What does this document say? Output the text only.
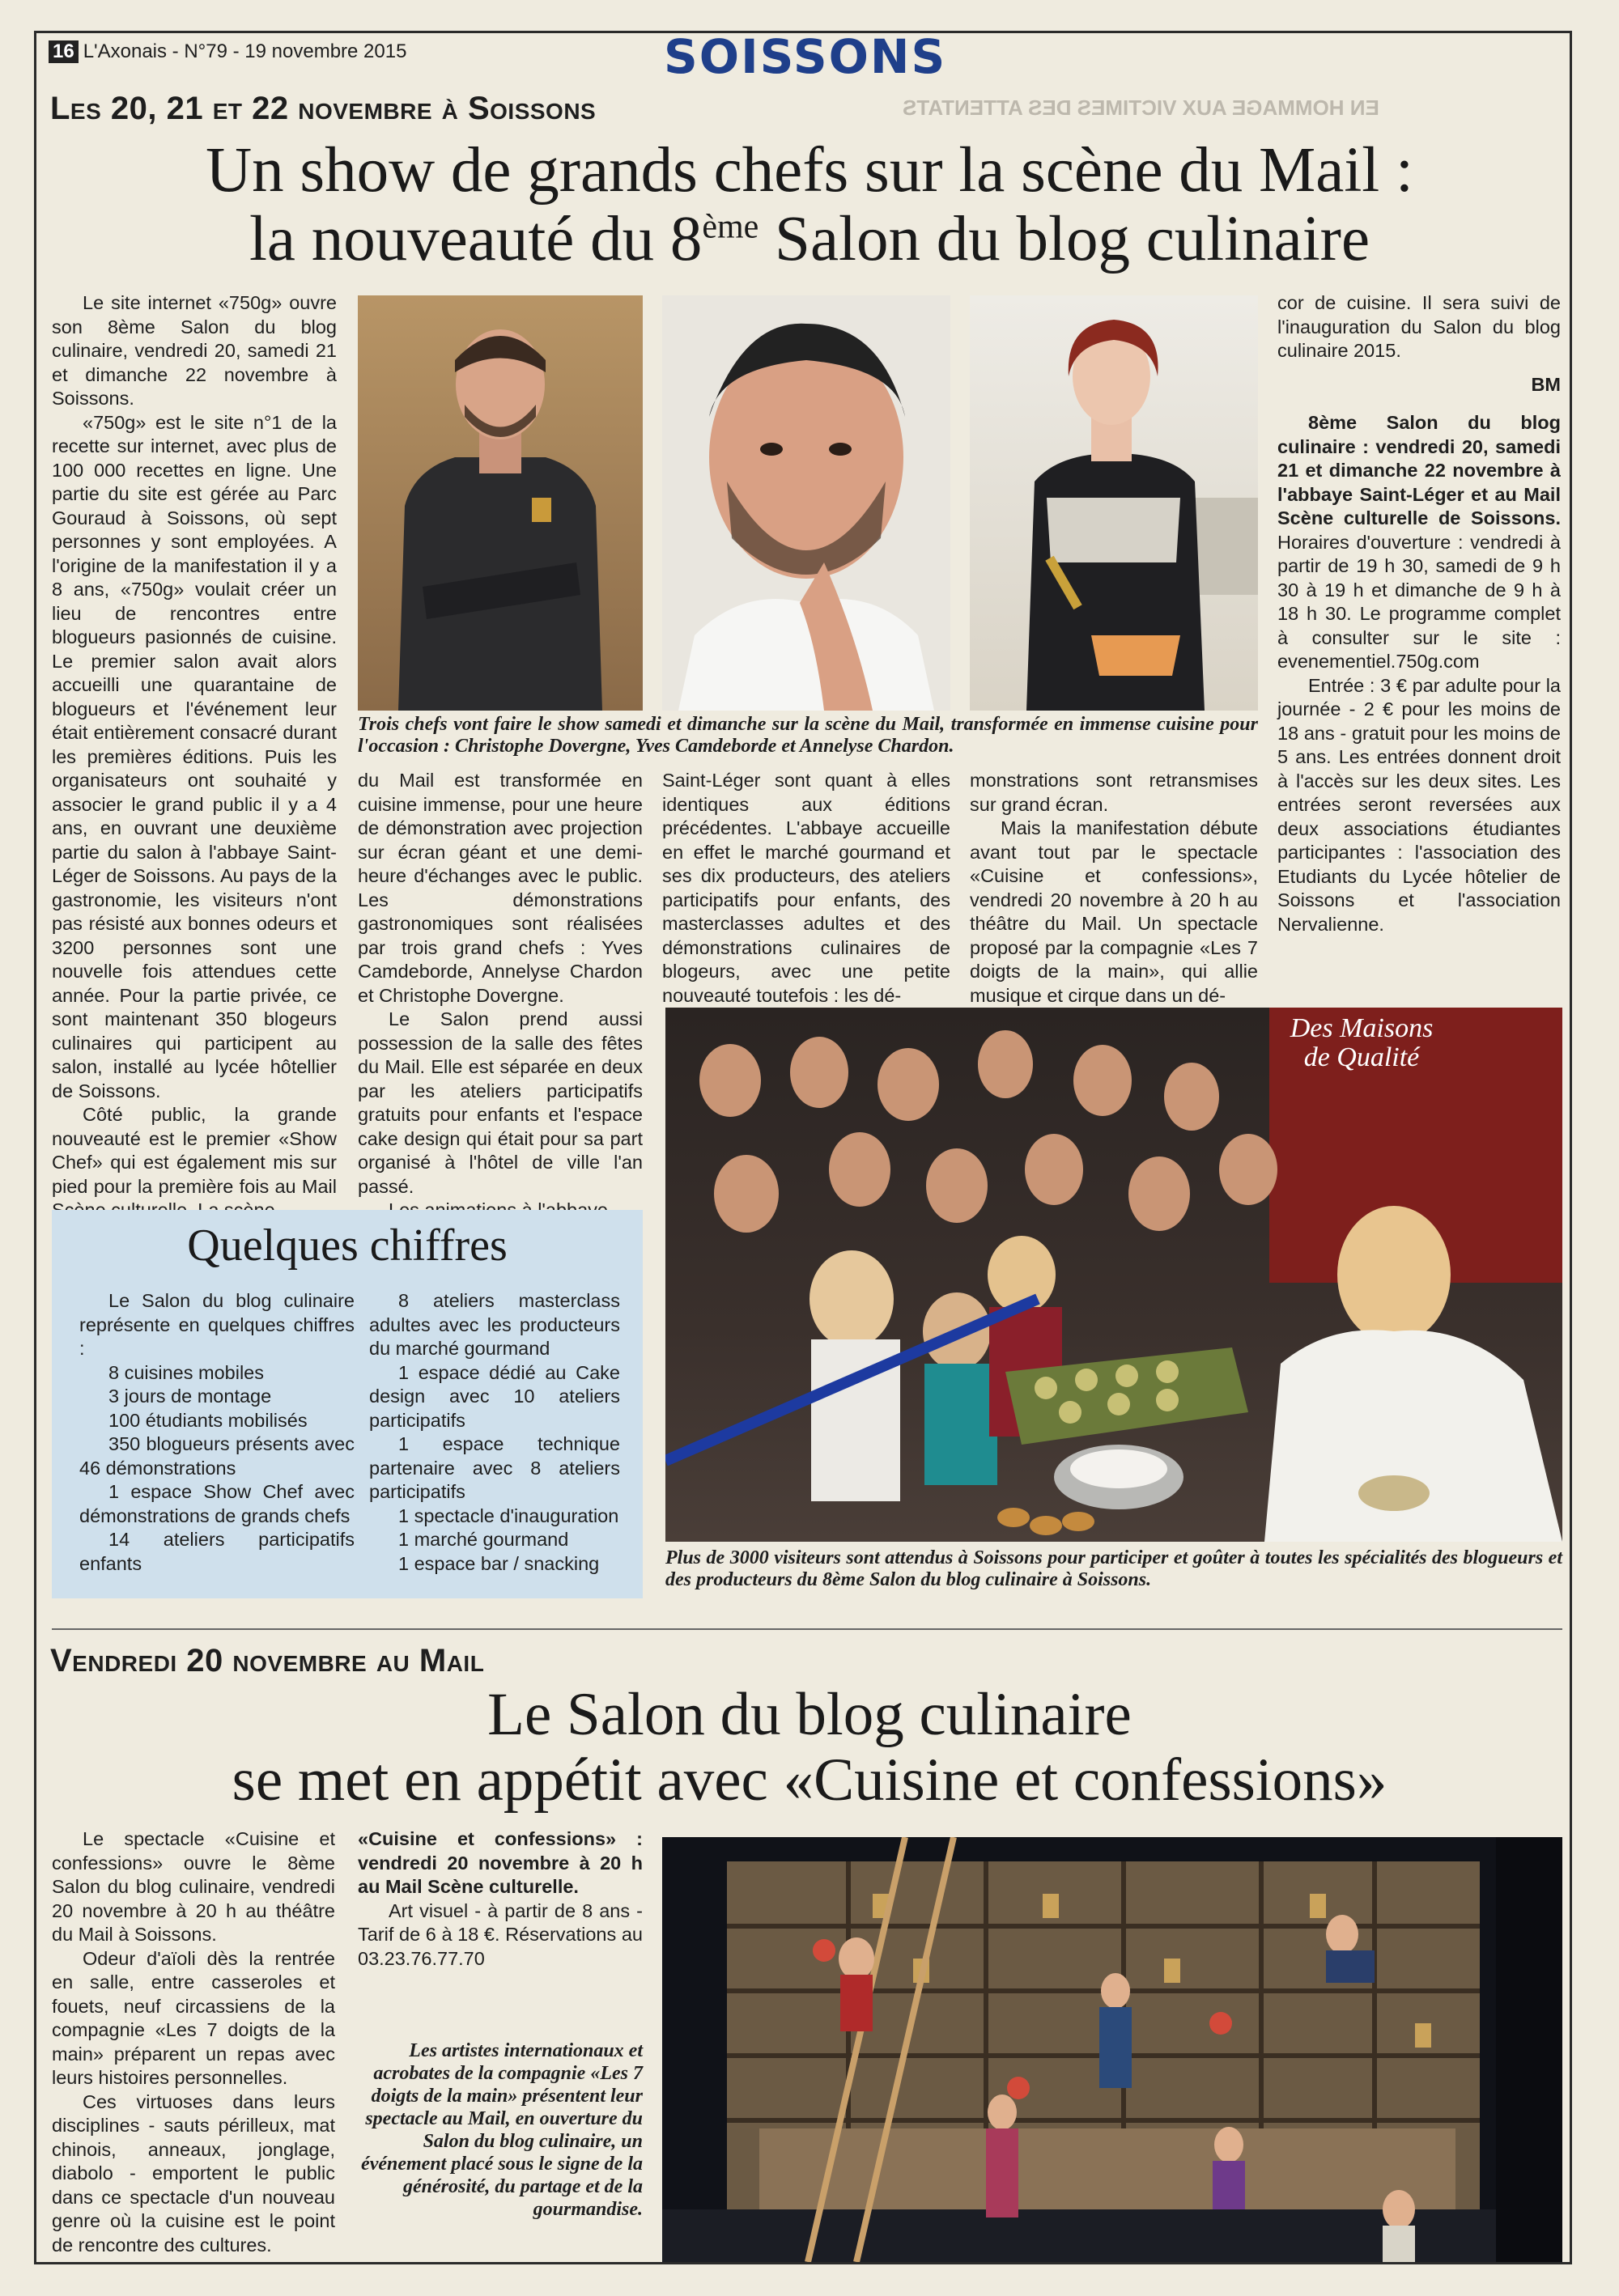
16 L'Axonais - N°79 - 19 novembre 2015	SOISSONS
EN HOMMAGE AUX VICTIMES DES ATTENTATS
Les 20, 21 et 22 novembre à Soissons
Un show de grands chefs sur la scène du Mail :
la nouveauté du 8ème Salon du blog culinaire

Le site internet «750g» ouvre son 8ème Salon du blog culinaire, vendredi 20, samedi 21 et dimanche 22 novembre à Soissons.

«750g» est le site n°1 de la recette sur internet, avec plus de 100 000 recettes en ligne. Une partie du site est gérée au Parc Gouraud à Soissons, où sept personnes y sont employées. A l'origine de la manifestation il y a 8 ans, «750g» voulait créer un lieu de rencontres entre blogueurs pasionnés de cuisine. Le premier salon avait alors accueilli une quarantaine de blogueurs et l'événement leur était entièrement consacré durant les premières éditions. Puis les organisateurs ont souhaité y associer le grand public il y a 4 ans, en ouvrant une deuxième partie du salon à l'abbaye Saint-Léger de Soissons. Au pays de la gastronomie, les visiteurs n'ont pas résisté aux bonnes odeurs et 3200 personnes sont une nouvelle fois attendues cette année. Pour la partie privée, ce sont maintenant 350 blogeurs culinaires qui participent au salon, installé au lycée hôtellier de Soissons.

Côté public, la grande nouveauté est le premier «Show Chef» qui est également mis sur pied pour la première fois au Mail

Trois chefs vont faire le show samedi et dimanche sur la scène du Mail, transformée en immense cuisine pour l'occasion : Christophe Dovergne, Yves Camdeborde et Annelyse Chardon.

du Mail est transformée en cuisine immense, pour une heure de démonstration avec projection sur écran géant et une demi-heure d'échanges avec le public. Les démonstrations gastronomiques sont réalisées par trois grand chefs : Yves Camdeborde, Annelyse Chardon et Christophe Dovergne.

Le Salon prend aussi possession de la salle des fêtes du Mail. Elle est séparée en deux par les ateliers participatifs gratuits pour enfants et l'espace cake design qui était pour sa part organisé à l'hôtel de ville l'an passé.

Saint-Léger sont quant à elles identiques aux éditions précédentes. L'abbaye accueille en effet le marché gourmand et ses dix producteurs, des ateliers participatifs pour enfants, des masterclasses adultes et des démonstrations culinaires de blogeurs, avec une petite nouveauté toutefois : les dé-

monstrations sont retransmises sur grand écran.

Mais la manifestation débute avant tout par le spectacle «Cuisine et confessions», vendredi 20 novembre à 20 h au théâtre du Mail. Un spectacle proposé par la compagnie «Les 7 doigts de la main», qui allie musique et cirque dans un dé-

cor de cuisine. Il sera suivi de l'inauguration du Salon du blog culinaire 2015.

BM

8ème Salon du blog culinaire : vendredi 20, samedi 21 et dimanche 22 novembre à l'abbaye Saint-Léger et au Mail Scène culturelle de Soissons. Horaires d'ouverture : vendredi à partir de 19 h 30, samedi de 9 h 30 à 19 h et dimanche de 9 h à 18 h 30. Le programme complet à consulter sur le site : evenementiel.750g.com

Entrée : 3 € par adulte pour la journée - 2 € pour les moins de 18 ans - gratuit pour les moins de 5 ans. Les entrées donnent droit à l'accès sur les deux sites. Les entrées seront reversées aux deux associations étudiantes participantes : l'association des Etudiants du Lycée hôtelier de Soissons et l'association Nervalienne.

Quelques chiffres
Le Salon du blog culinaire représente en quelques chiffres :
8 cuisines mobiles
3 jours de montage
100 étudiants mobilisés
350 blogueurs présents avec 46 démonstrations
1 espace Show Chef avec démonstrations de grands chefs
14 ateliers participatifs enfants
8 ateliers masterclass adultes avec les producteurs du marché gourmand
1 espace dédié au Cake design avec 10 ateliers participatifs
1 espace technique partenaire avec 8 ateliers participatifs
1 spectacle d'inauguration
1 marché gourmand
1 espace bar / snacking
Des Maisons de Qualité
Plus de 3000 visiteurs sont attendus à Soissons pour participer et goûter à toutes les spécialités des blogueurs et des producteurs du 8ème Salon du blog culinaire à Soissons.
Vendredi 20 novembre au Mail
Le Salon du blog culinaire
se met en appétit avec «Cuisine et confessions»

Le spectacle «Cuisine et confessions» ouvre le 8ème Salon du blog culinaire, vendredi 20 novembre à 20 h au théâtre du Mail à Soissons.

Odeur d'aïoli dès la rentrée en salle, entre casseroles et fouets, neuf circassiens de la compagnie «Les 7 doigts de la main» préparent un repas avec leurs histoires personnelles.

Ces virtuoses dans leurs disciplines - sauts périlleux, mat chinois, anneaux, jonglage, diabolo - emportent le public dans ce spectacle d'un nouveau genre où la cuisine est le point de rencontre des cultures.

«Cuisine et confessions» : vendredi 20 novembre à 20 h au Mail Scène culturelle.

Art visuel - à partir de 8 ans - Tarif de 6 à 18 €. Réservations au 03.23.76.77.70

Les artistes internationaux et acrobates de la compagnie «Les 7 doigts de la main» présentent leur spectacle au Mail, en ouverture du Salon du blog culinaire, un événement placé sous le signe de la générosité, du partage et de la gourmandise.
